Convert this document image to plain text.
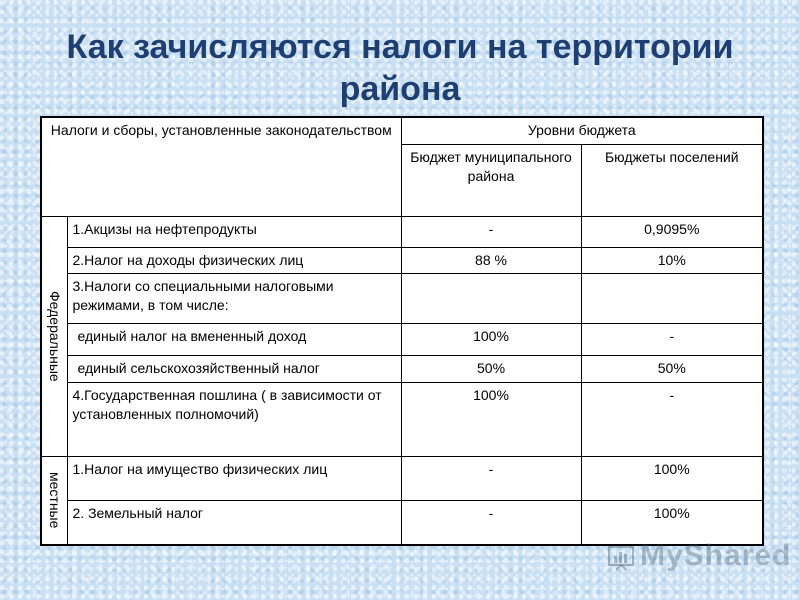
Как зачисляются налоги на территории
района
Налоги и сборы, установленные законодательством		Уровни бюджета	
		Бюджет муниципального района	Бюджеты поселений
Федеральные	1.Акцизы на нефтепродукты	-	0,9095%
	2.Налог на доходы физических лиц	88 %	10%
	3.Налоги со специальными налоговыми режимами, в том числе:		
	единый налог на вмененный доход	100%	-
	единый сельскохозяйственный налог	50%	50%
	4.Государственная пошлина ( в зависимости от установленных полномочий)	100%	-
местные	1.Налог на имущество физических лиц	-	100%
	2. Земельный налог	-	100%
MyShared
